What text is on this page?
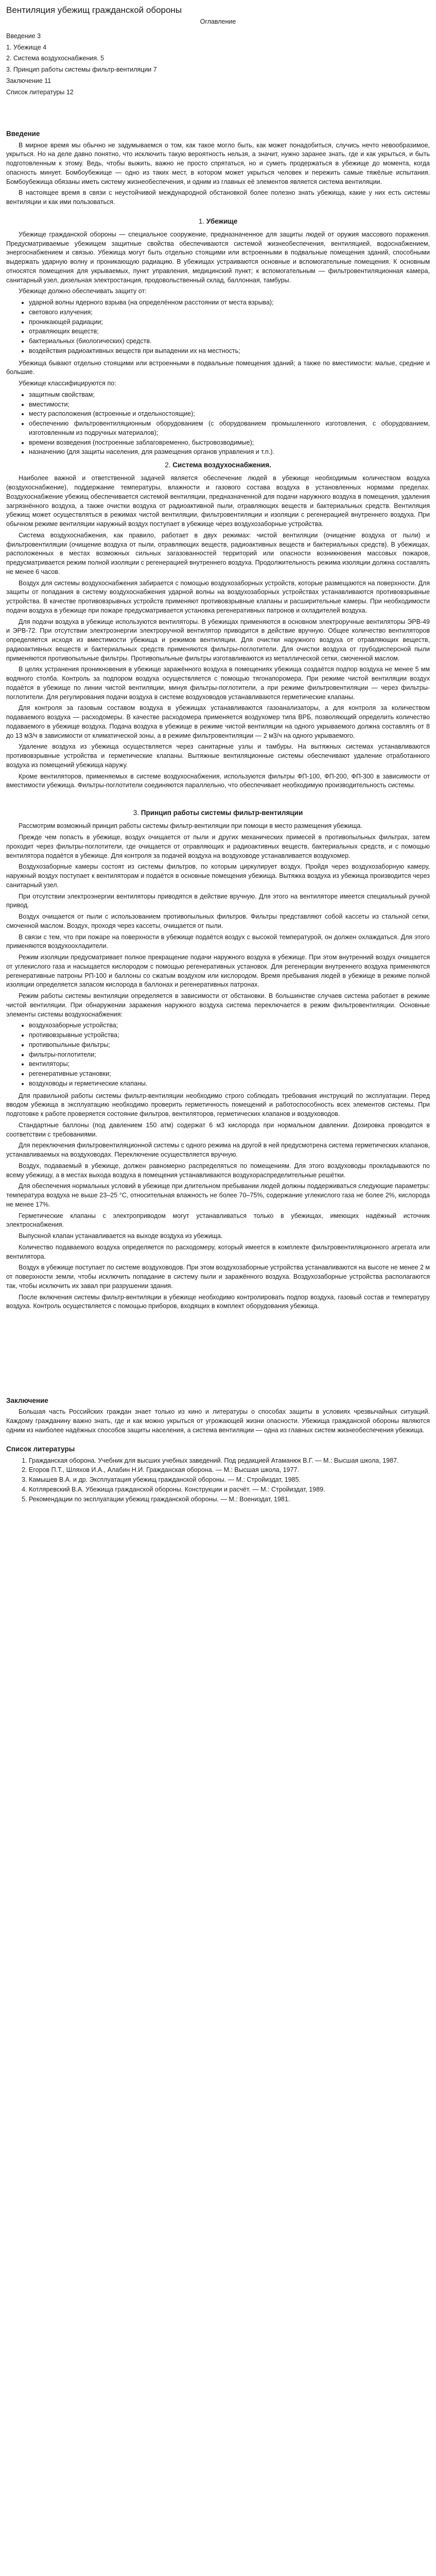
Вентиляция убежищ гражданской обороны
Оглавление
Введение 3
1. Убежище 4
2. Система воздухоснабжения. 5
3. Принцип работы системы фильтр-вентиляции 7
Заключение 11
Список литературы 12
Введение

В мирное время мы обычно не задумываемся о том, как такое могло быть, как может понадобиться, случись нечто невообразимое, укрыться. Но на деле давно понятно, что исключить такую вероятность нельзя, а значит, нужно заранее знать, где и как укрыться, и быть подготовленным к этому. Ведь, чтобы выжить, важно не просто спрятаться, но и суметь продержаться в убежище до момента, когда опасность минует. Бомбоубежище — одно из таких мест, в котором может укрыться человек и пережить самые тяжёлые испытания. Бомбоубежища обязаны иметь систему жизнеобеспечения, и одним из главных её элементов является система вентиляции.

В настоящее время в связи с неустойчивой международной обстановкой более полезно знать убежища, какие у них есть системы вентиляции и как ими пользоваться.

1. Убежище

Убежище гражданской обороны — специальное сооружение, предназначенное для защиты людей от оружия массового поражения. Предусматриваемые убежищем защитные свойства обеспечиваются системой жизнеобеспечения, вентиляцией, водоснабжением, энергоснабжением и связью. Убежища могут быть отдельно стоящими или встроенными в подвальные помещения зданий, способными выдержать ударную волну и проникающую радиацию. В убежищах устраиваются основные и вспомогательные помещения. К основным относятся помещения для укрываемых, пункт управления, медицинский пункт; к вспомогательным — фильтровентиляционная камера, санитарный узел, дизельная электростанция, продовольственный склад, баллонная, тамбуры.

Убежище должно обеспечивать защиту от:

• ударной волны ядерного взрыва (на определённом расстоянии от места взрыва);
• светового излучения;
• проникающей радиации;
• отравляющих веществ;
• бактериальных (биологических) средств.
• воздействия радиоактивных веществ при выпадении их на местность;

Убежища бывают отдельно стоящими или встроенными в подвальные помещения зданий; а также по вместимости: малые, средние и большие.

Убежище классифицируются по:

• защитным свойствам;
• вместимости;
• месту расположения (встроенные и отдельностоящие);
• обеспечению фильтровентиляционным оборудованием (с оборудованием промышленного изготовления, с оборудованием, изготовленным из подручных материалов);
• времени возведения (построенные заблаговременно, быстровозводимые);
• назначению (для защиты населения, для размещения органов управления и т.п.).
2. Система воздухоснабжения.

Наиболее важной и ответственной задачей является обеспечение людей в убежище необходимым количеством воздуха (воздухоснабжение), поддержание температуры, влажности и газового состава воздуха в установленных нормами пределах. Воздухоснабжение убежищ обеспечивается системой вентиляции, предназначенной для подачи наружного воздуха в помещения, удаления загрязнённого воздуха, а также очистки воздуха от радиоактивной пыли, отравляющих веществ и бактериальных средств. Вентиляция убежищ может осуществляться в режимах чистой вентиляции, фильтровентиляции и изоляции с регенерацией внутреннего воздуха. При обычном режиме вентиляции наружный воздух поступает в убежище через воздухозаборные устройства.

Система воздухоснабжения, как правило, работает в двух режимах: чистой вентиляции (очищение воздуха от пыли) и фильтровентиляции (очищение воздуха от пыли, отравляющих веществ, радиоактивных веществ и бактериальных средств). В убежищах, расположенных в местах возможных сильных загазованностей территорий или опасности возникновения массовых пожаров, предусматривается режим полной изоляции с регенерацией внутреннего воздуха. Продолжительность режима изоляции должна составлять не менее 6 часов.

Воздух для системы воздухоснабжения забирается с помощью воздухозаборных устройств, которые размещаются на поверхности. Для защиты от попадания в систему воздухоснабжения ударной волны на воздухозаборных устройствах устанавливаются противовзрывные устройства. В качестве противовзрывных устройств применяют противовзрывные клапаны и расширительные камеры. При необходимости подачи воздуха в убежище при пожаре предусматривается установка регенеративных патронов и охладителей воздуха.

Для подачи воздуха в убежище используются вентиляторы. В убежищах применяются в основном электроручные вентиляторы ЭРВ-49 и ЭРВ-72. При отсутствии электроэнергии электроручной вентилятор приводится в действие вручную. Общее количество вентиляторов определяется исходя из вместимости убежища и режимов вентиляции. Для очистки наружного воздуха от отравляющих веществ, радиоактивных веществ и бактериальных средств применяются фильтры-поглотители. Для очистки воздуха от грубодисперсной пыли применяются противопыльные фильтры. Противопыльные фильтры изготавливаются из металлической сетки, смоченной маслом.

В целях устранения проникновения в убежище заражённого воздуха в помещениях убежища создаётся подпор воздуха не менее 5 мм водяного столба. Контроль за подпором воздуха осуществляется с помощью тягонапоромера. При режиме чистой вентиляции воздух подаётся в убежище по линии чистой вентиляции, минуя фильтры-поглотители, а при режиме фильтровентиляции — через фильтры-поглотители. Для регулирования подачи воздуха в системе воздуховодов устанавливаются герметические клапаны.

Для контроля за газовым составом воздуха в убежищах устанавливаются газоанализаторы, а для контроля за количеством подаваемого воздуха — расходомеры. В качестве расходомера применяется воздухомер типа ВРБ, позволяющий определить количество подаваемого в убежище воздуха. Подача воздуха в убежище в режиме чистой вентиляции на одного укрываемого должна составлять от 8 до 13 м3/ч в зависимости от климатической зоны, а в режиме фильтровентиляции — 2 м3/ч на одного укрываемого.

Удаление воздуха из убежища осуществляется через санитарные узлы и тамбуры. На вытяжных системах устанавливаются противовзрывные устройства и герметические клапаны. Вытяжные вентиляционные системы обеспечивают удаление отработанного воздуха из помещений убежища наружу.

Кроме вентиляторов, применяемых в системе воздухоснабжения, используются фильтры ФП-100, ФП-200, ФП-300 в зависимости от вместимости убежища. Фильтры-поглотители соединяются параллельно, что обеспечивает необходимую производительность системы.

3. Принцип работы системы фильтр-вентиляции

Рассмотрим возможный принцип работы системы фильтр-вентиляции при помощи в место размещения убежища.

Прежде чем попасть в убежище, воздух очищается от пыли и других механических примесей в противопыльных фильтрах, затем проходит через фильтры-поглотители, где очищается от отравляющих и радиоактивных веществ, бактериальных средств, и с помощью вентилятора подаётся в убежище. Для контроля за подачей воздуха на воздуховоде устанавливается воздухомер.

Воздухозаборные камеры состоят из системы фильтров, по которым циркулирует воздух. Пройдя через воздухозаборную камеру, наружный воздух поступает к вентиляторам и подаётся в основные помещения убежища. Вытяжка воздуха из убежища производится через санитарный узел.

При отсутствии электроэнергии вентиляторы приводятся в действие вручную. Для этого на вентиляторе имеется специальный ручной привод.

Воздух очищается от пыли с использованием противопыльных фильтров. Фильтры представляют собой кассеты из стальной сетки, смоченной маслом. Воздух, проходя через кассеты, очищается от пыли.

В связи с тем, что при пожаре на поверхности в убежище подаётся воздух с высокой температурой, он должен охлаждаться. Для этого применяются воздухоохладители.

Режим изоляции предусматривает полное прекращение подачи наружного воздуха в убежище. При этом внутренний воздух очищается от углекислого газа и насыщается кислородом с помощью регенеративных установок. Для регенерации внутреннего воздуха применяются регенеративные патроны РП-100 и баллоны со сжатым воздухом или кислородом. Время пребывания людей в убежище в режиме полной изоляции определяется запасом кислорода в баллонах и регенеративных патронах.

Режим работы системы вентиляции определяется в зависимости от обстановки. В большинстве случаев система работает в режиме чистой вентиляции. При обнаружении заражения наружного воздуха система переключается в режим фильтровентиляции. Основные элементы системы воздухоснабжения:

• воздухозаборные устройства;
• противовзрывные устройства;
• противопыльные фильтры;
• фильтры-поглотители;
• вентиляторы;
• регенеративные установки;
• воздуховоды и герметические клапаны.

Для правильной работы системы фильтр-вентиляции необходимо строго соблюдать требования инструкций по эксплуатации. Перед вводом убежища в эксплуатацию необходимо проверить герметичность помещений и работоспособность всех элементов системы. При подготовке к работе проверяется состояние фильтров, вентиляторов, герметических клапанов и воздуховодов.

Стандартные баллоны (под давлением 150 атм) содержат 6 м3 кислорода при нормальном давлении. Дозировка проводится в соответствии с требованиями.

Для переключения фильтровентиляционной системы с одного режима на другой в ней предусмотрена система герметических клапанов, устанавливаемых на воздуховодах. Переключение осуществляется вручную.

Воздух, подаваемый в убежище, должен равномерно распределяться по помещениям. Для этого воздуховоды прокладываются по всему убежищу, а в местах выхода воздуха в помещения устанавливаются воздухораспределительные решётки.

Для обеспечения нормальных условий в убежище при длительном пребывании людей должны поддерживаться следующие параметры: температура воздуха не выше 23–25 °С, относительная влажность не более 70–75%, содержание углекислого газа не более 2%, кислорода не менее 17%.

Герметические клапаны с электроприводом могут устанавливаться только в убежищах, имеющих надёжный источник электроснабжения.

Выпускной клапан устанавливается на выходе воздуха из убежища.

Количество подаваемого воздуха определяется по расходомеру, который имеется в комплекте фильтровентиляционного агрегата или вентилятора.

Воздух в убежище поступает по системе воздуховодов. При этом воздухозаборные устройства устанавливаются на высоте не менее 2 м от поверхности земли, чтобы исключить попадание в систему пыли и заражённого воздуха. Воздухозаборные устройства располагаются так, чтобы исключить их завал при разрушении здания.

После включения системы фильтр-вентиляции в убежище необходимо контролировать подпор воздуха, газовый состав и температуру воздуха. Контроль осуществляется с помощью приборов, входящих в комплект оборудования убежища.

Заключение

Большая часть Российских граждан знает только из кино и литературы о способах защиты в условиях чрезвычайных ситуаций. Каждому гражданину важно знать, где и как можно укрыться от угрожающей жизни опасности. Убежища гражданской обороны являются одним из наиболее надёжных способов защиты населения, а система вентиляции — одна из главных систем жизнеобеспечения убежища.

Список литературы
1. Гражданская оборона. Учебник для высших учебных заведений. Под редакцией Атаманюк В.Г. — М.: Высшая школа, 1987.
2. Егоров П.Т., Шляхов И.А., Алабин Н.И. Гражданская оборона. — М.: Высшая школа, 1977.
3. Камышев В.А. и др. Эксплуатация убежищ гражданской обороны. — М.: Стройиздат, 1985.
4. Котляревский В.А. Убежища гражданской обороны. Конструкции и расчёт. — М.: Стройиздат, 1989.
5. Рекомендации по эксплуатации убежищ гражданской обороны. — М.: Воениздат, 1981.
